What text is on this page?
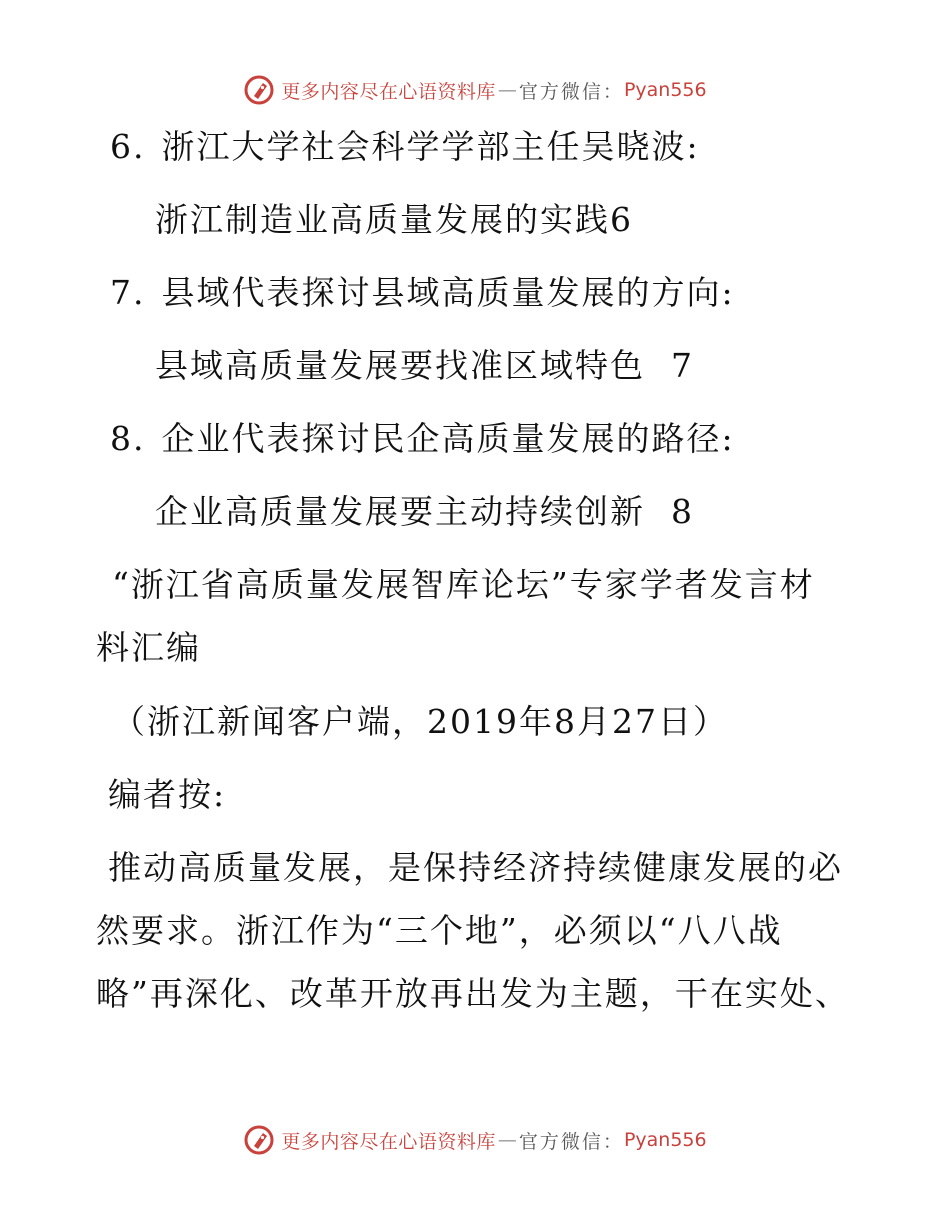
更多内容尽在心语资料库 — 官方微信： Pyan556
6. 浙江大学社会科学学部主任吴晓波:
浙江制造业高质量发展的实践6
7. 县域代表探讨县域高质量发展的方向:
县域高质量发展要找准区域特色 7
8. 企业代表探讨民企高质量发展的路径:
企业高质量发展要主动持续创新 8
“浙江省高质量发展智库论坛”专家学者发言材
料汇编
（浙江新闻客户端，2019年8月27日）
编者按:
推动高质量发展，是保持经济持续健康发展的必
然要求。浙江作为“三个地”，必须以“八八战
略”再深化、改革开放再出发为主题，干在实处、
更多内容尽在心语资料库 — 官方微信： Pyan556
